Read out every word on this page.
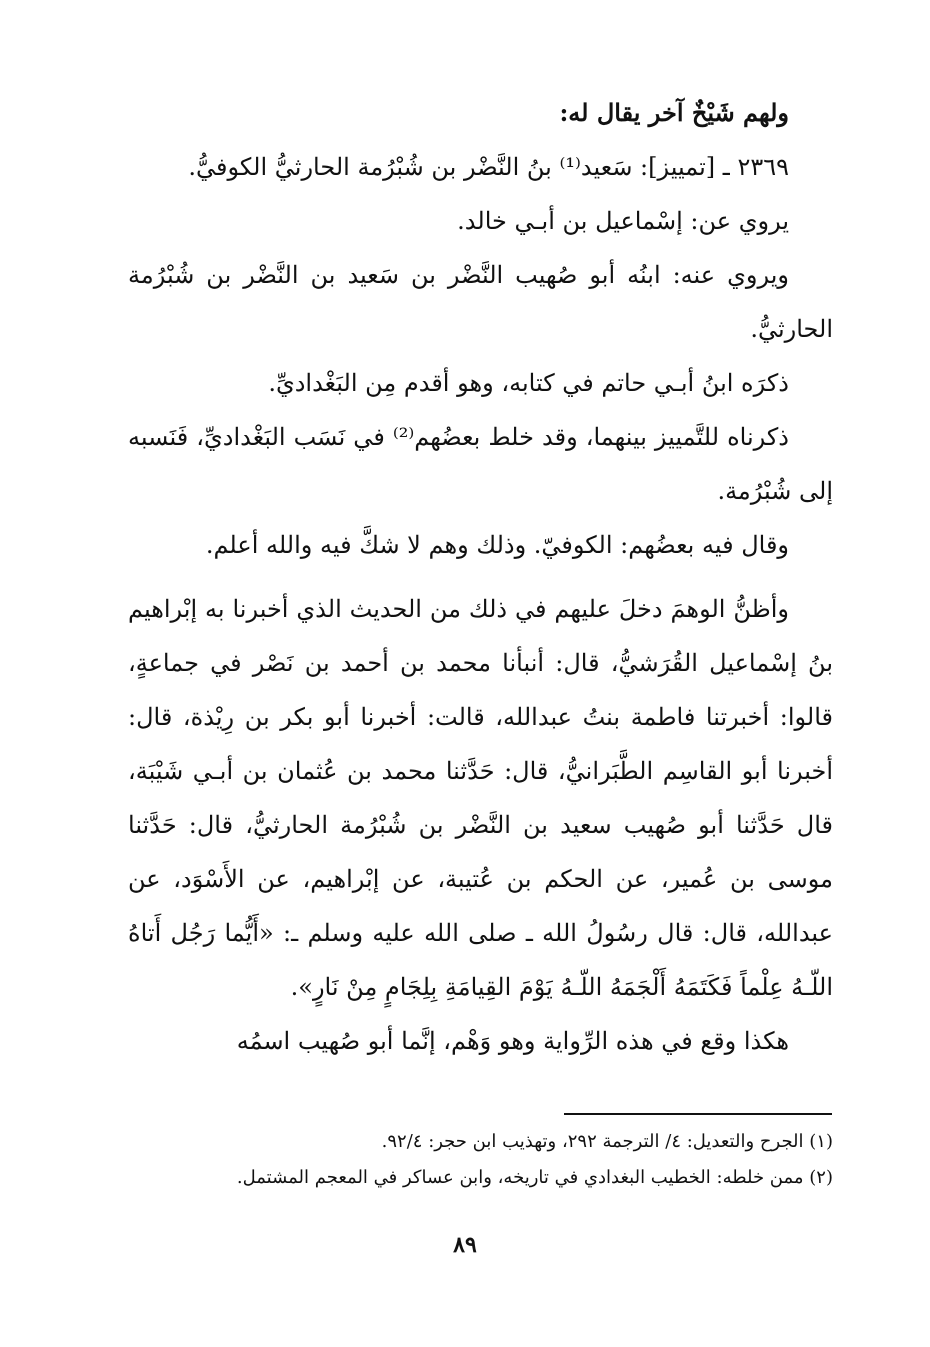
ولهم شَيْخٌ آخر يقال له:

٢٣٦٩ ـ [تمييز]: سَعيد⁽¹⁾ بنُ النَّضْر بن شُبْرُمة الحارثيُّ الكوفيُّ.

يروي عن: إسْماعيل بن أبـي خالد.

ويروي عنه: ابنُه أبو صُهيب النَّضْر بن سَعيد بن النَّضْر بن شُبْرُمة الحارثيُّ.

ذكرَه ابنُ أبـي حاتم في كتابه، وهو أقدم مِن البَغْداديِّ.

ذكرناه للتَّمييز بينهما، وقد خلط بعضُهم⁽²⁾ في نَسَب البَغْداديِّ، فَنَسبه إلى شُبْرُمة.

وقال فيه بعضُهم: الكوفيّ. وذلك وهم لا شكَّ فيه والله أعلم.

وأظنُّ الوهمَ دخلَ عليهم في ذلك من الحديث الذي أخبرنا به إبْراهيم بنُ إسْماعيل القُرَشيُّ، قال: أنبأنا محمد بن أحمد بن نَصْر في جماعةٍ، قالوا: أخبرتنا فاطمة بنتُ عبدالله، قالت: أخبرنا أبو بكر بن رِيْذة، قال: أخبرنا أبو القاسِم الطَّبَرانيُّ، قال: حَدَّثنا محمد بن عُثمان بن أبـي شَيْبَة، قال حَدَّثنا أبو صُهيب سعيد بن النَّضْر بن شُبْرُمة الحارثيُّ، قال: حَدَّثنا موسى بن عُمير، عن الحكم بن عُتيبة، عن إبْراهيم، عن الأَسْوَد، عن عبدالله، قال: قال رسُولُ الله ـ صلى الله عليه وسلم ـ: «أَيُّما رَجُل أَتاهُ اللّـهُ عِلْماً فَكَتَمَهُ أَلْجَمَهُ اللّـهُ يَوْمَ القِيامَةِ بِلِجَامٍ مِنْ نَارٍ».

هكذا وقع في هذه الرِّواية وهو وَهْم، إنَّما أبو صُهيب اسمُه

(١) الجرح والتعديل: ٤/ الترجمة ٢٩٢، وتهذيب ابن حجر: ٩٢/٤.

(٢) ممن خلطه: الخطيب البغدادي في تاريخه، وابن عساكر في المعجم المشتمل.

٨٩
